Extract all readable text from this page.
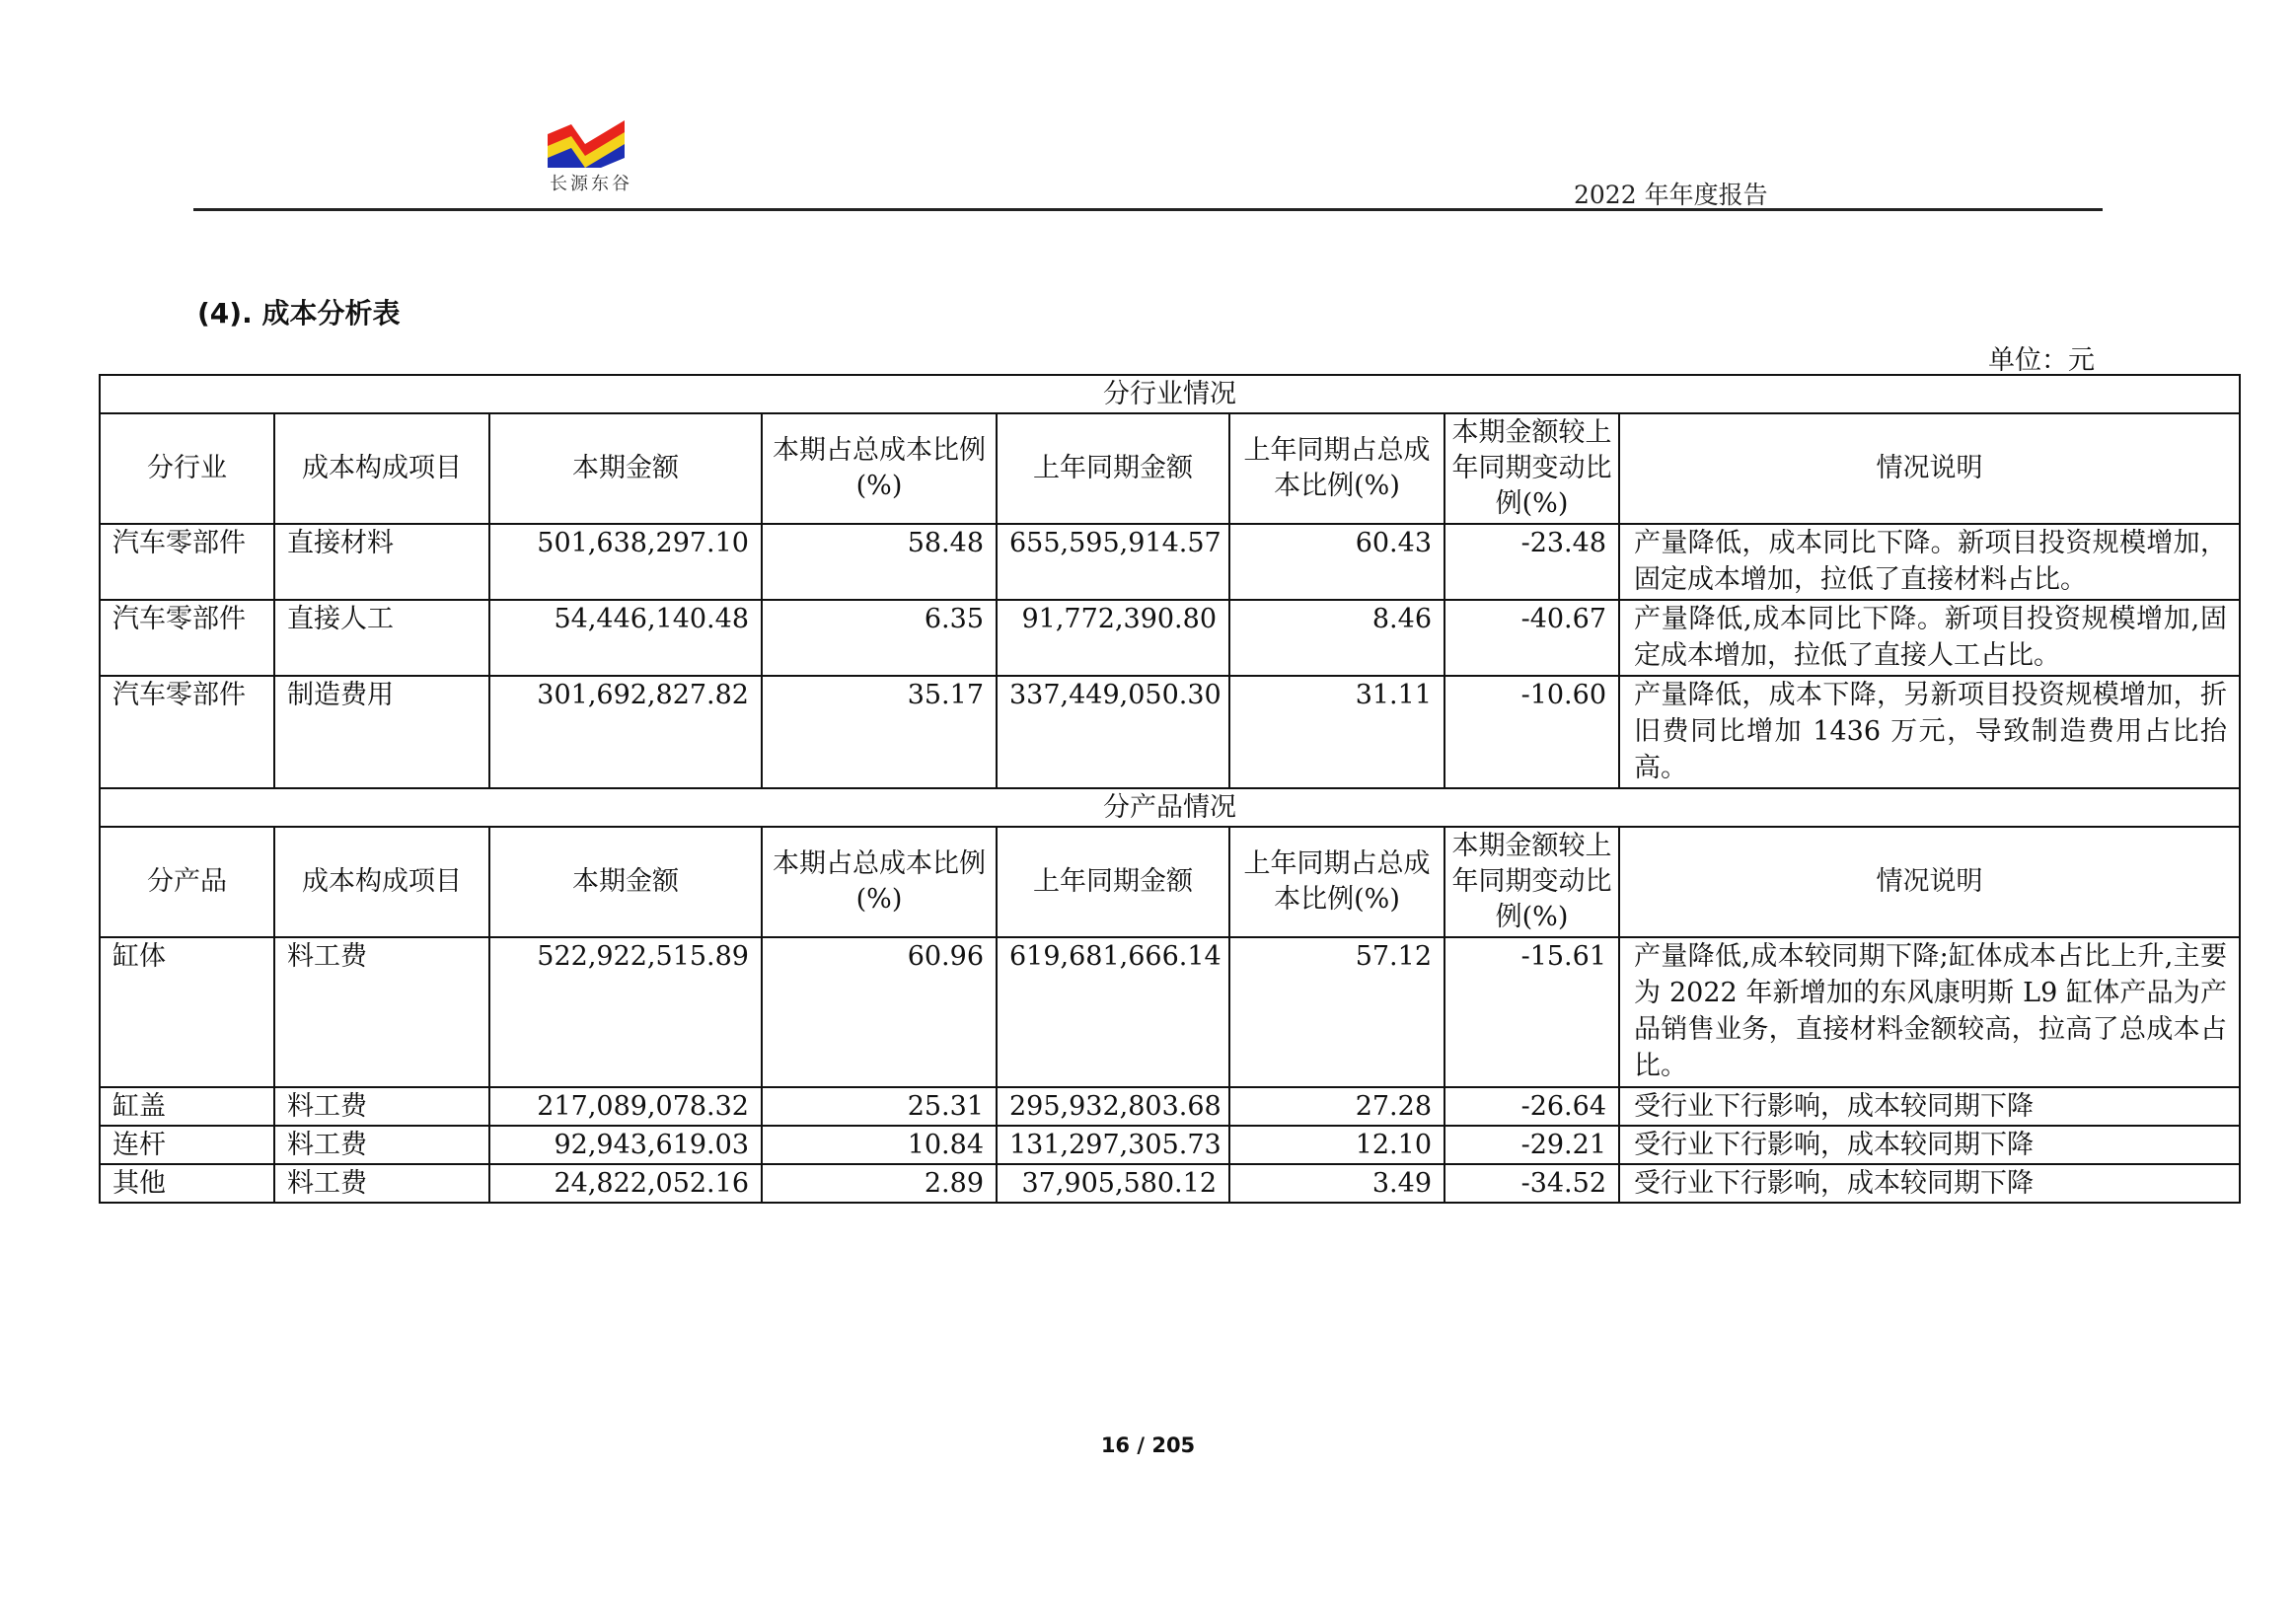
长源东谷	2022 年年度报告
(4). 成本分析表
单位：元
分行业情况							
分行业	成本构成项目	本期金额	本期占总成本比例(%)	上年同期金额	上年同期占总成本比例(%)	本期金额较上年同期变动比例(%)	情况说明
汽车零部件	直接材料	501,638,297.10	58.48	655,595,914.57	60.43	-23.48	产量降低，成本同比下降。新项目投资规模增加，固定成本增加，拉低了直接材料占比。
汽车零部件	直接人工	54,446,140.48	6.35	91,772,390.80	8.46	-40.67	产量降低,成本同比下降。新项目投资规模增加,固定成本增加，拉低了直接人工占比。
汽车零部件	制造费用	301,692,827.82	35.17	337,449,050.30	31.11	-10.60	产量降低，成本下降，另新项目投资规模增加，折旧费同比增加 1436 万元，导致制造费用占比抬高。
分产品情况							
分产品	成本构成项目	本期金额	本期占总成本比例(%)	上年同期金额	上年同期占总成本比例(%)	本期金额较上年同期变动比例(%)	情况说明
缸体	料工费	522,922,515.89	60.96	619,681,666.14	57.12	-15.61	产量降低,成本较同期下降;缸体成本占比上升,主要为 2022 年新增加的东风康明斯 L9 缸体产品为产品销售业务，直接材料金额较高，拉高了总成本占比。
缸盖	料工费	217,089,078.32	25.31	295,932,803.68	27.28	-26.64	受行业下行影响，成本较同期下降
连杆	料工费	92,943,619.03	10.84	131,297,305.73	12.10	-29.21	受行业下行影响，成本较同期下降
其他	料工费	24,822,052.16	2.89	37,905,580.12	3.49	-34.52	受行业下行影响，成本较同期下降
16 / 205
